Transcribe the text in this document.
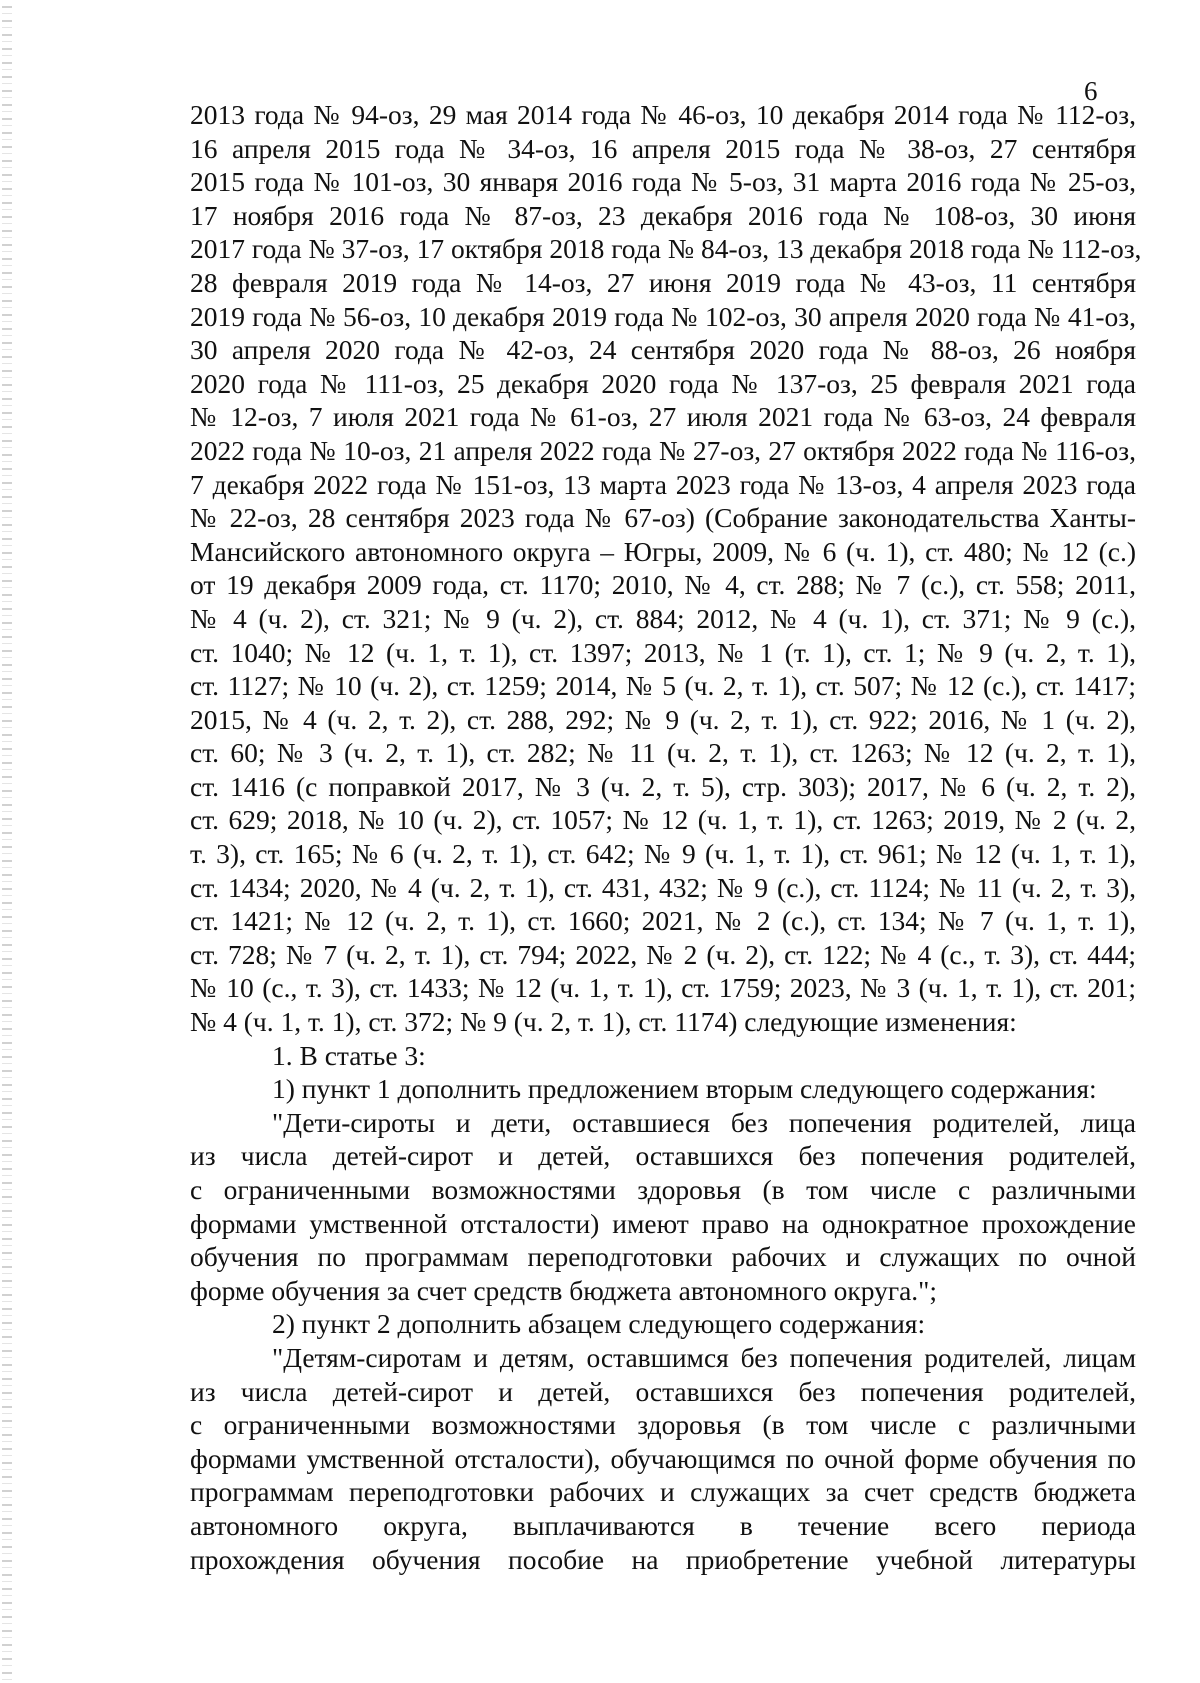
6
2013 года № 94-оз, 29 мая 2014 года № 46-оз, 10 декабря 2014 года № 112-оз,
16 апреля 2015 года № 34-оз, 16 апреля 2015 года № 38-оз, 27 сентября
2015 года № 101-оз, 30 января 2016 года № 5-оз, 31 марта 2016 года № 25-оз,
17 ноября 2016 года № 87-оз, 23 декабря 2016 года № 108-оз, 30 июня
2017 года № 37-оз, 17 октября 2018 года № 84-оз, 13 декабря 2018 года № 112-оз,
28 февраля 2019 года № 14-оз, 27 июня 2019 года № 43-оз, 11 сентября
2019 года № 56-оз, 10 декабря 2019 года № 102-оз, 30 апреля 2020 года № 41-оз,
30 апреля 2020 года № 42-оз, 24 сентября 2020 года № 88-оз, 26 ноября
2020 года № 111-оз, 25 декабря 2020 года № 137-оз, 25 февраля 2021 года
№ 12-оз, 7 июля 2021 года № 61-оз, 27 июля 2021 года № 63-оз, 24 февраля
2022 года № 10-оз, 21 апреля 2022 года № 27-оз, 27 октября 2022 года № 116-оз,
7 декабря 2022 года № 151-оз, 13 марта 2023 года № 13-оз, 4 апреля 2023 года
№ 22-оз, 28 сентября 2023 года № 67-оз) (Собрание законодательства Ханты-
Мансийского автономного округа – Югры, 2009, № 6 (ч. 1), ст. 480; № 12 (с.)
от 19 декабря 2009 года, ст. 1170; 2010, № 4, ст. 288; № 7 (с.), ст. 558; 2011,
№ 4 (ч. 2), ст. 321; № 9 (ч. 2), ст. 884; 2012, № 4 (ч. 1), ст. 371; № 9 (с.),
ст. 1040; № 12 (ч. 1, т. 1), ст. 1397; 2013, № 1 (т. 1), ст. 1; № 9 (ч. 2, т. 1),
ст. 1127; № 10 (ч. 2), ст. 1259; 2014, № 5 (ч. 2, т. 1), ст. 507; № 12 (с.), ст. 1417;
2015, № 4 (ч. 2, т. 2), ст. 288, 292; № 9 (ч. 2, т. 1), ст. 922; 2016, № 1 (ч. 2),
ст. 60; № 3 (ч. 2, т. 1), ст. 282; № 11 (ч. 2, т. 1), ст. 1263; № 12 (ч. 2, т. 1),
ст. 1416 (с поправкой 2017, № 3 (ч. 2, т. 5), стр. 303); 2017, № 6 (ч. 2, т. 2),
ст. 629; 2018, № 10 (ч. 2), ст. 1057; № 12 (ч. 1, т. 1), ст. 1263; 2019, № 2 (ч. 2,
т. 3), ст. 165; № 6 (ч. 2, т. 1), ст. 642; № 9 (ч. 1, т. 1), ст. 961; № 12 (ч. 1, т. 1),
ст. 1434; 2020, № 4 (ч. 2, т. 1), ст. 431, 432; № 9 (с.), ст. 1124; № 11 (ч. 2, т. 3),
ст. 1421; № 12 (ч. 2, т. 1), ст. 1660; 2021, № 2 (с.), ст. 134; № 7 (ч. 1, т. 1),
ст. 728; № 7 (ч. 2, т. 1), ст. 794; 2022, № 2 (ч. 2), ст. 122; № 4 (с., т. 3), ст. 444;
№ 10 (с., т. 3), ст. 1433; № 12 (ч. 1, т. 1), ст. 1759; 2023, № 3 (ч. 1, т. 1), ст. 201;
№ 4 (ч. 1, т. 1), ст. 372; № 9 (ч. 2, т. 1), ст. 1174) следующие изменения:
1. В статье 3:
1) пункт 1 дополнить предложением вторым следующего содержания:
"Дети-сироты и дети, оставшиеся без попечения родителей, лица
из числа детей-сирот и детей, оставшихся без попечения родителей,
с ограниченными возможностями здоровья (в том числе с различными
формами умственной отсталости) имеют право на однократное прохождение
обучения по программам переподготовки рабочих и служащих по очной
форме обучения за счет средств бюджета автономного округа.";
2) пункт 2 дополнить абзацем следующего содержания:
"Детям-сиротам и детям, оставшимся без попечения родителей, лицам
из числа детей-сирот и детей, оставшихся без попечения родителей,
с ограниченными возможностями здоровья (в том числе с различными
формами умственной отсталости), обучающимся по очной форме обучения по
программам переподготовки рабочих и служащих за счет средств бюджета
автономного округа, выплачиваются в течение всего периода
прохождения обучения пособие на приобретение учебной литературы
